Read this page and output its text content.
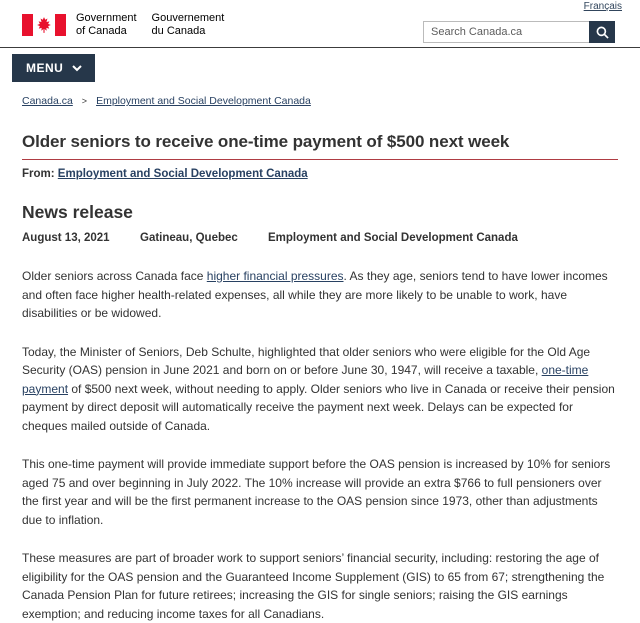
Government
of Canada
Gouvernement
du Canada
Français
Search Canada.ca
MENU
Canada.ca > Employment and Social Development Canada
Older seniors to receive one-time payment of $500 next week
From: Employment and Social Development Canada
News release
August 13, 2021	Gatineau, Quebec	Employment and Social Development Canada

Older seniors across Canada face higher financial pressures. As they age, seniors tend to have lower incomes and often face higher health-related expenses, all while they are more likely to be unable to work, have disabilities or be widowed.

Today, the Minister of Seniors, Deb Schulte, highlighted that older seniors who were eligible for the Old Age Security (OAS) pension in June 2021 and born on or before June 30, 1947, will receive a taxable, one-time payment of $500 next week, without needing to apply. Older seniors who live in Canada or receive their pension payment by direct deposit will automatically receive the payment next week. Delays can be expected for cheques mailed outside of Canada.

This one-time payment will provide immediate support before the OAS pension is increased by 10% for seniors aged 75 and over beginning in July 2022. The 10% increase will provide an extra $766 to full pensioners over the first year and will be the first permanent increase to the OAS pension since 1973, other than adjustments due to inflation.

These measures are part of broader work to support seniors’ financial security, including: restoring the age of eligibility for the OAS pension and the Guaranteed Income Supplement (GIS) to 65 from 67; strengthening the Canada Pension Plan for future retirees; increasing the GIS for single seniors; raising the GIS earnings exemption; and reducing income taxes for all Canadians.
